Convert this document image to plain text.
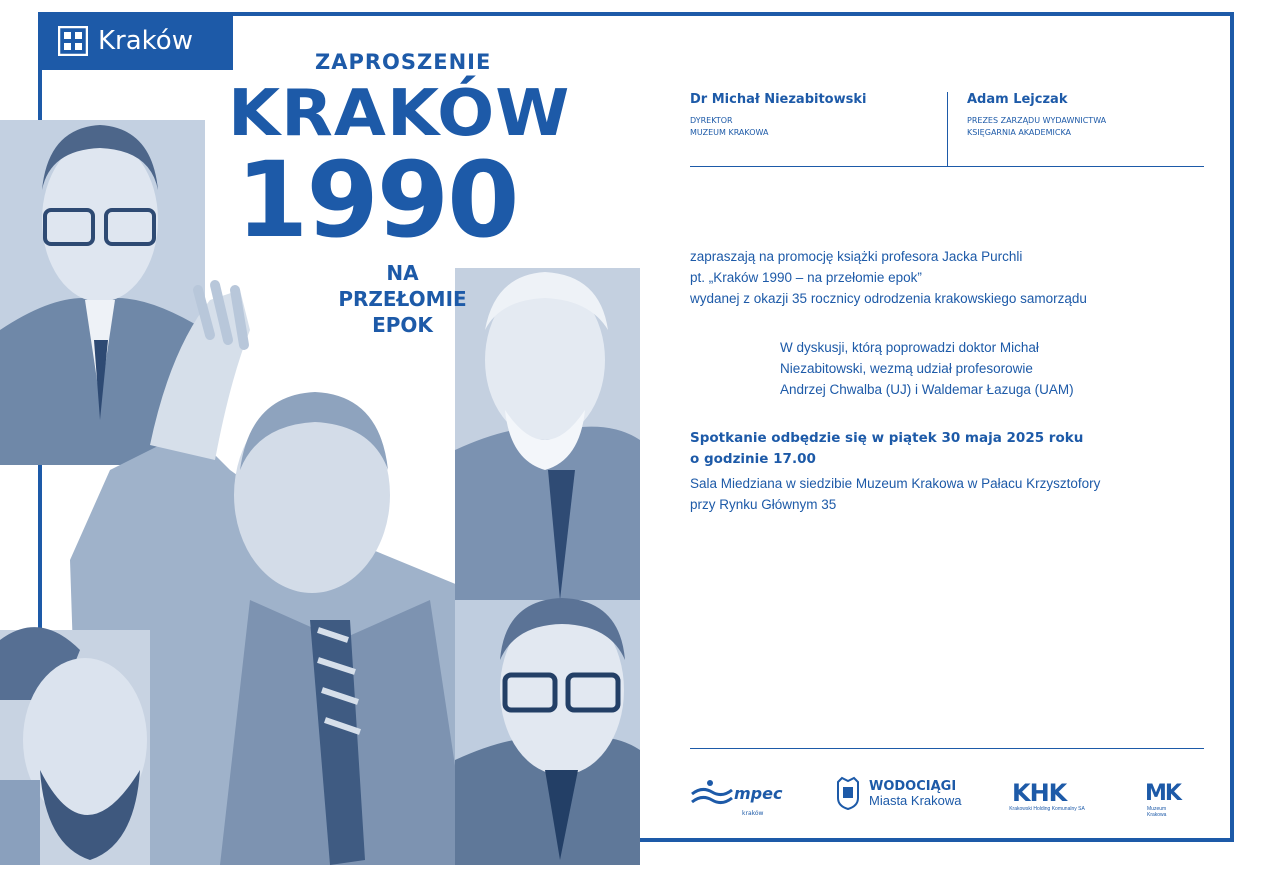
Kraków
ZAPROSZENIE
KRAKÓW
1990
NA
PRZEŁOMIE
EPOK
Dr Michał Niezabitowski
DYREKTOR
MUZEUM KRAKOWA
Adam Lejczak
PREZES ZARZĄDU WYDAWNICTWA
KSIĘGARNIA AKADEMICKA
zapraszają na promocję książki profesora Jacka Purchli
pt. „Kraków 1990 – na przełomie epok”
wydanej z okazji 35 rocznicy odrodzenia krakowskiego samorządu
W dyskusji, którą poprowadzi doktor Michał
Niezabitowski, wezmą udział profesorowie
Andrzej Chwalba (UJ) i Waldemar Łazuga (UAM)
Spotkanie odbędzie się w piątek 30 maja 2025 roku
o godzinie 17.00
Sala Miedziana w siedzibie Muzeum Krakowa w Pałacu Krzysztofory
przy Rynku Głównym 35
mpec
kraków
WODOCIĄGI
Miasta Krakowa KHK
Krakowski Holding Komunalny SA
MK
Muzeum Krakowa
